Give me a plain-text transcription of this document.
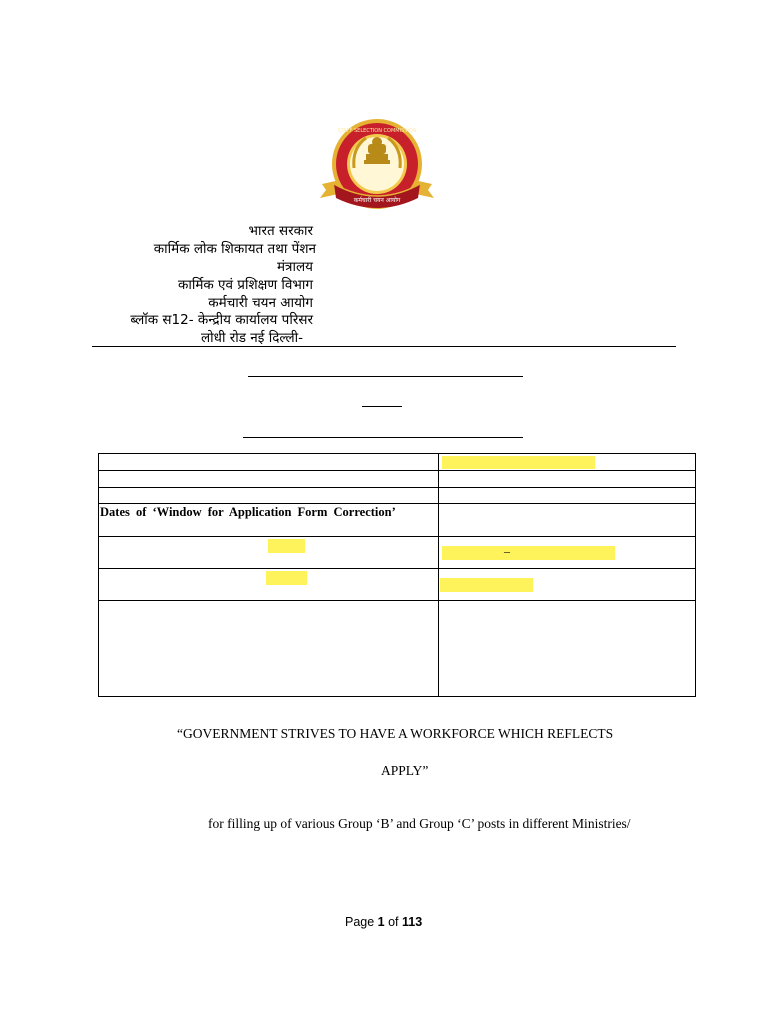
STAFF SELECTION COMMISSION
कर्मचारी चयन आयोग
भारत सरकार
कार्मिक लोक शिकायत तथा पेंशन
मंत्रालय
कार्मिक एवं प्रशिक्षण विभाग
कर्मचारी चयन आयोग
ब्लॉक स12- केन्द्रीय कार्यालय परिसर
लोधी रोड नई दिल्ली-

Dates of ‘Window for Application Form Correction’	

	–

“GOVERNMENT STRIVES TO HAVE A WORKFORCE WHICH REFLECTS
APPLY”
for filling up of various Group ‘B’ and Group ‘C’ posts in different Ministries/
Page 1 of 113
